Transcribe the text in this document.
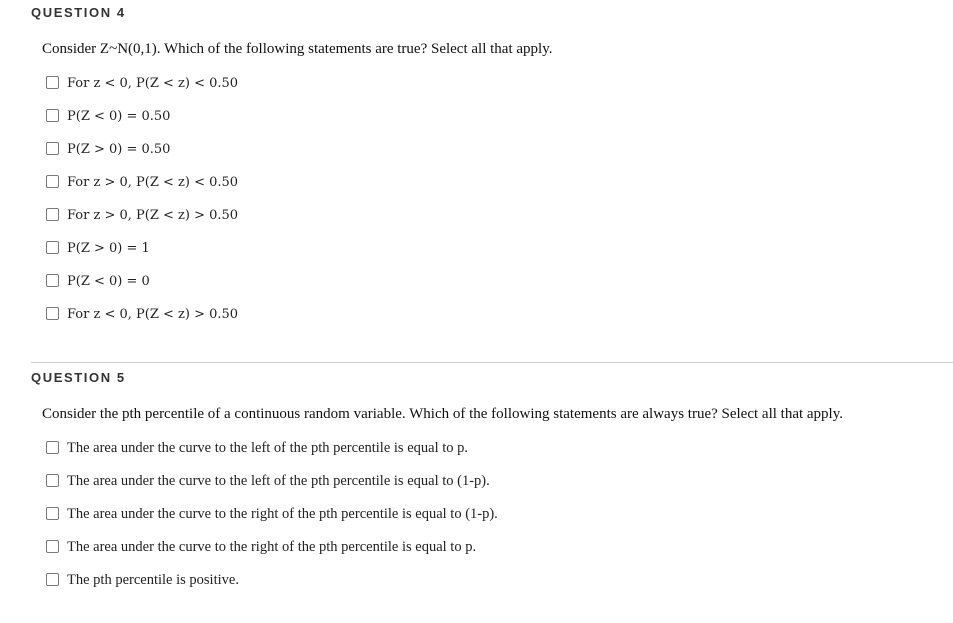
QUESTION 4
Consider Z~N(0,1). Which of the following statements are true? Select all that apply.
For z < 0, P(Z < z) < 0.50
P(Z < 0) = 0.50
P(Z > 0) = 0.50
For z > 0, P(Z < z) < 0.50
For z > 0, P(Z < z) > 0.50
P(Z > 0) = 1
P(Z < 0) = 0
For z < 0, P(Z < z) > 0.50
QUESTION 5
Consider the pth percentile of a continuous random variable. Which of the following statements are always true? Select all that apply.
The area under the curve to the left of the pth percentile is equal to p.
The area under the curve to the left of the pth percentile is equal to (1-p).
The area under the curve to the right of the pth percentile is equal to (1-p).
The area under the curve to the right of the pth percentile is equal to p.
The pth percentile is positive.
